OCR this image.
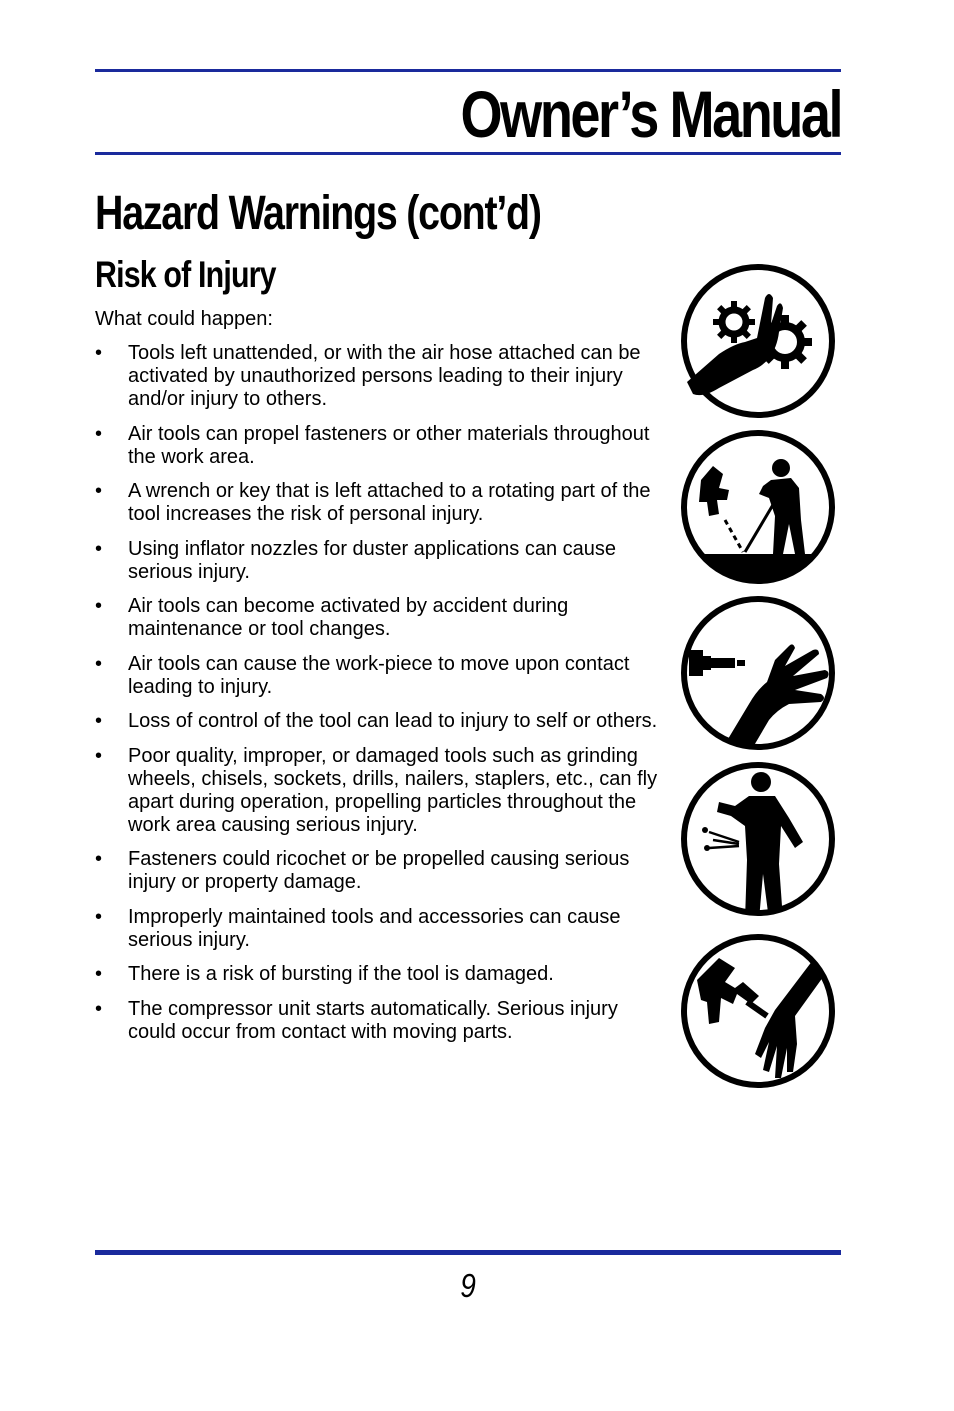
Owner’s Manual
Hazard Warnings (cont’d)
Risk of Injury

What could happen:

• Tools left unattended, or with the air hose attached can be activated by unauthorized persons leading to their injury and/or injury to others.
• Air tools can propel fasteners or other materials throughout the work area.
• A wrench or key that is left attached to a rotating part of the tool increases the risk of personal injury.
• Using inflator nozzles for duster applications can cause serious injury.
• Air tools can become activated by accident during maintenance or tool changes.
• Air tools can cause the work-piece to move upon contact leading to injury.
• Loss of control of the tool can lead to injury to self or others.
• Poor quality, improper, or damaged tools such as grinding wheels, chisels, sockets, drills, nailers, staplers, etc., can fly apart during operation, propelling particles throughout the work area causing serious injury.
• Fasteners could ricochet or be propelled causing serious injury or property damage.
• Improperly maintained tools and accessories can cause serious injury.
• There is a risk of bursting if the tool is damaged.
• The compressor unit starts automatically. Serious injury could occur from contact with moving parts.
9
